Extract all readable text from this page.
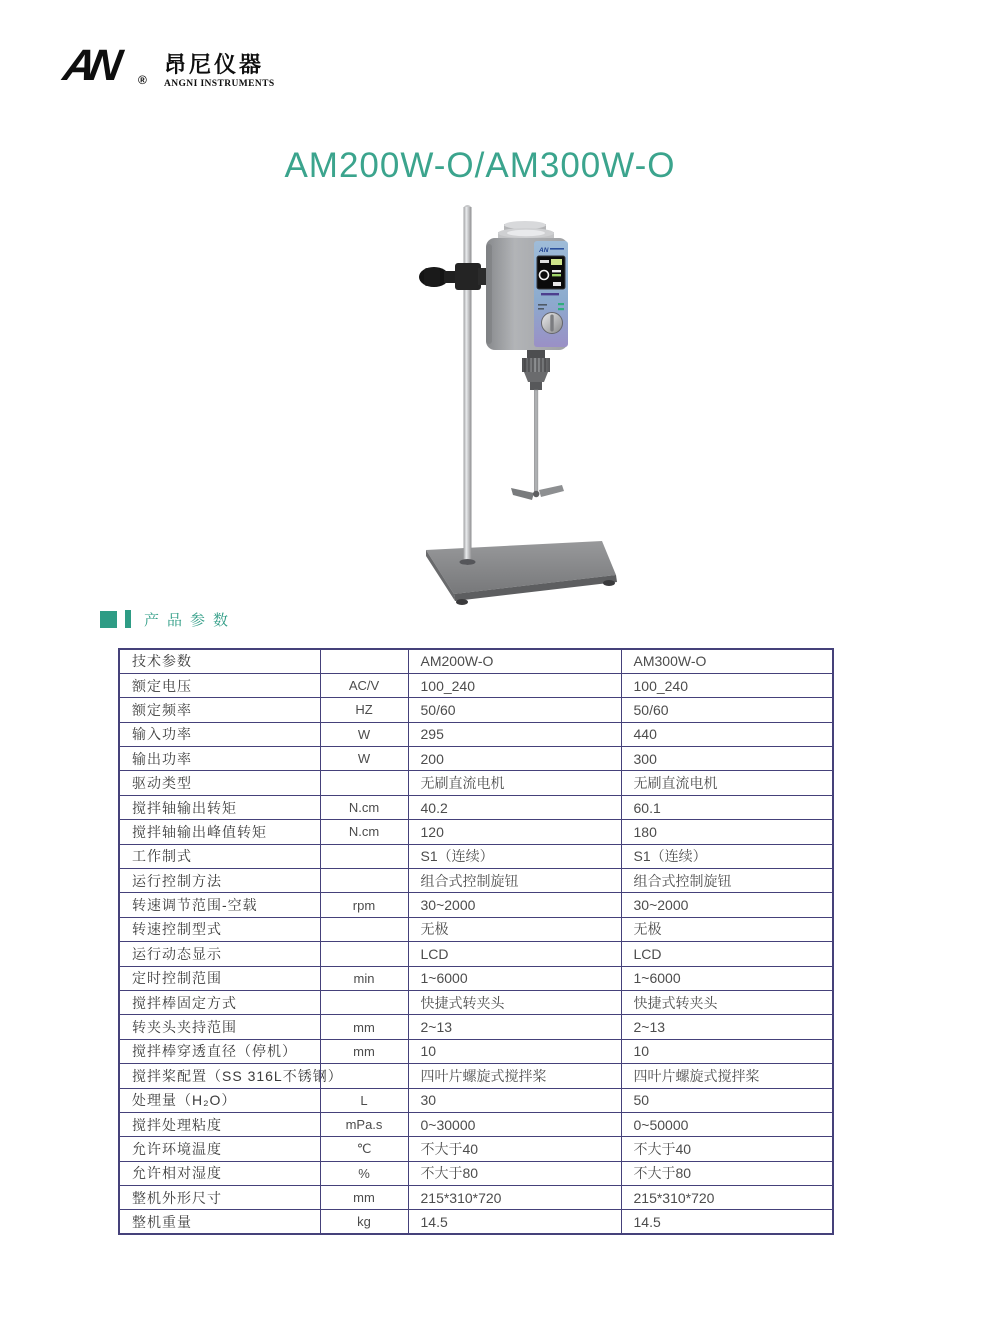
AN ®
昂尼仪器
ANGNI INSTRUMENTS
AM200W-O/AM300W-O
AN
产品参数
技术参数		AM200W-O	AM300W-O
额定电压	AC/V	100_240	100_240
额定频率	HZ	50/60	50/60
输入功率	W	295	440
输出功率	W	200	300
驱动类型		无刷直流电机	无刷直流电机
搅拌轴输出转矩	N.cm	40.2	60.1
搅拌轴输出峰值转矩	N.cm	120	180
工作制式		S1（连续）	S1（连续）
运行控制方法		组合式控制旋钮	组合式控制旋钮
转速调节范围-空载	rpm	30~2000	30~2000
转速控制型式		无极	无极
运行动态显示		LCD	LCD
定时控制范围	min	1~6000	1~6000
搅拌棒固定方式		快捷式转夹头	快捷式转夹头
转夹头夹持范围	mm	2~13	2~13
搅拌棒穿透直径（停机）	mm	10	10
搅拌桨配置（SS 316L不锈钢）		四叶片螺旋式搅拌桨	四叶片螺旋式搅拌桨
处理量（H₂O）	L	30	50
搅拌处理粘度	mPa.s	0~30000	0~50000
允许环境温度	℃	不大于40	不大于40
允许相对湿度	%	不大于80	不大于80
整机外形尺寸	mm	215*310*720	215*310*720
整机重量	kg	14.5	14.5
